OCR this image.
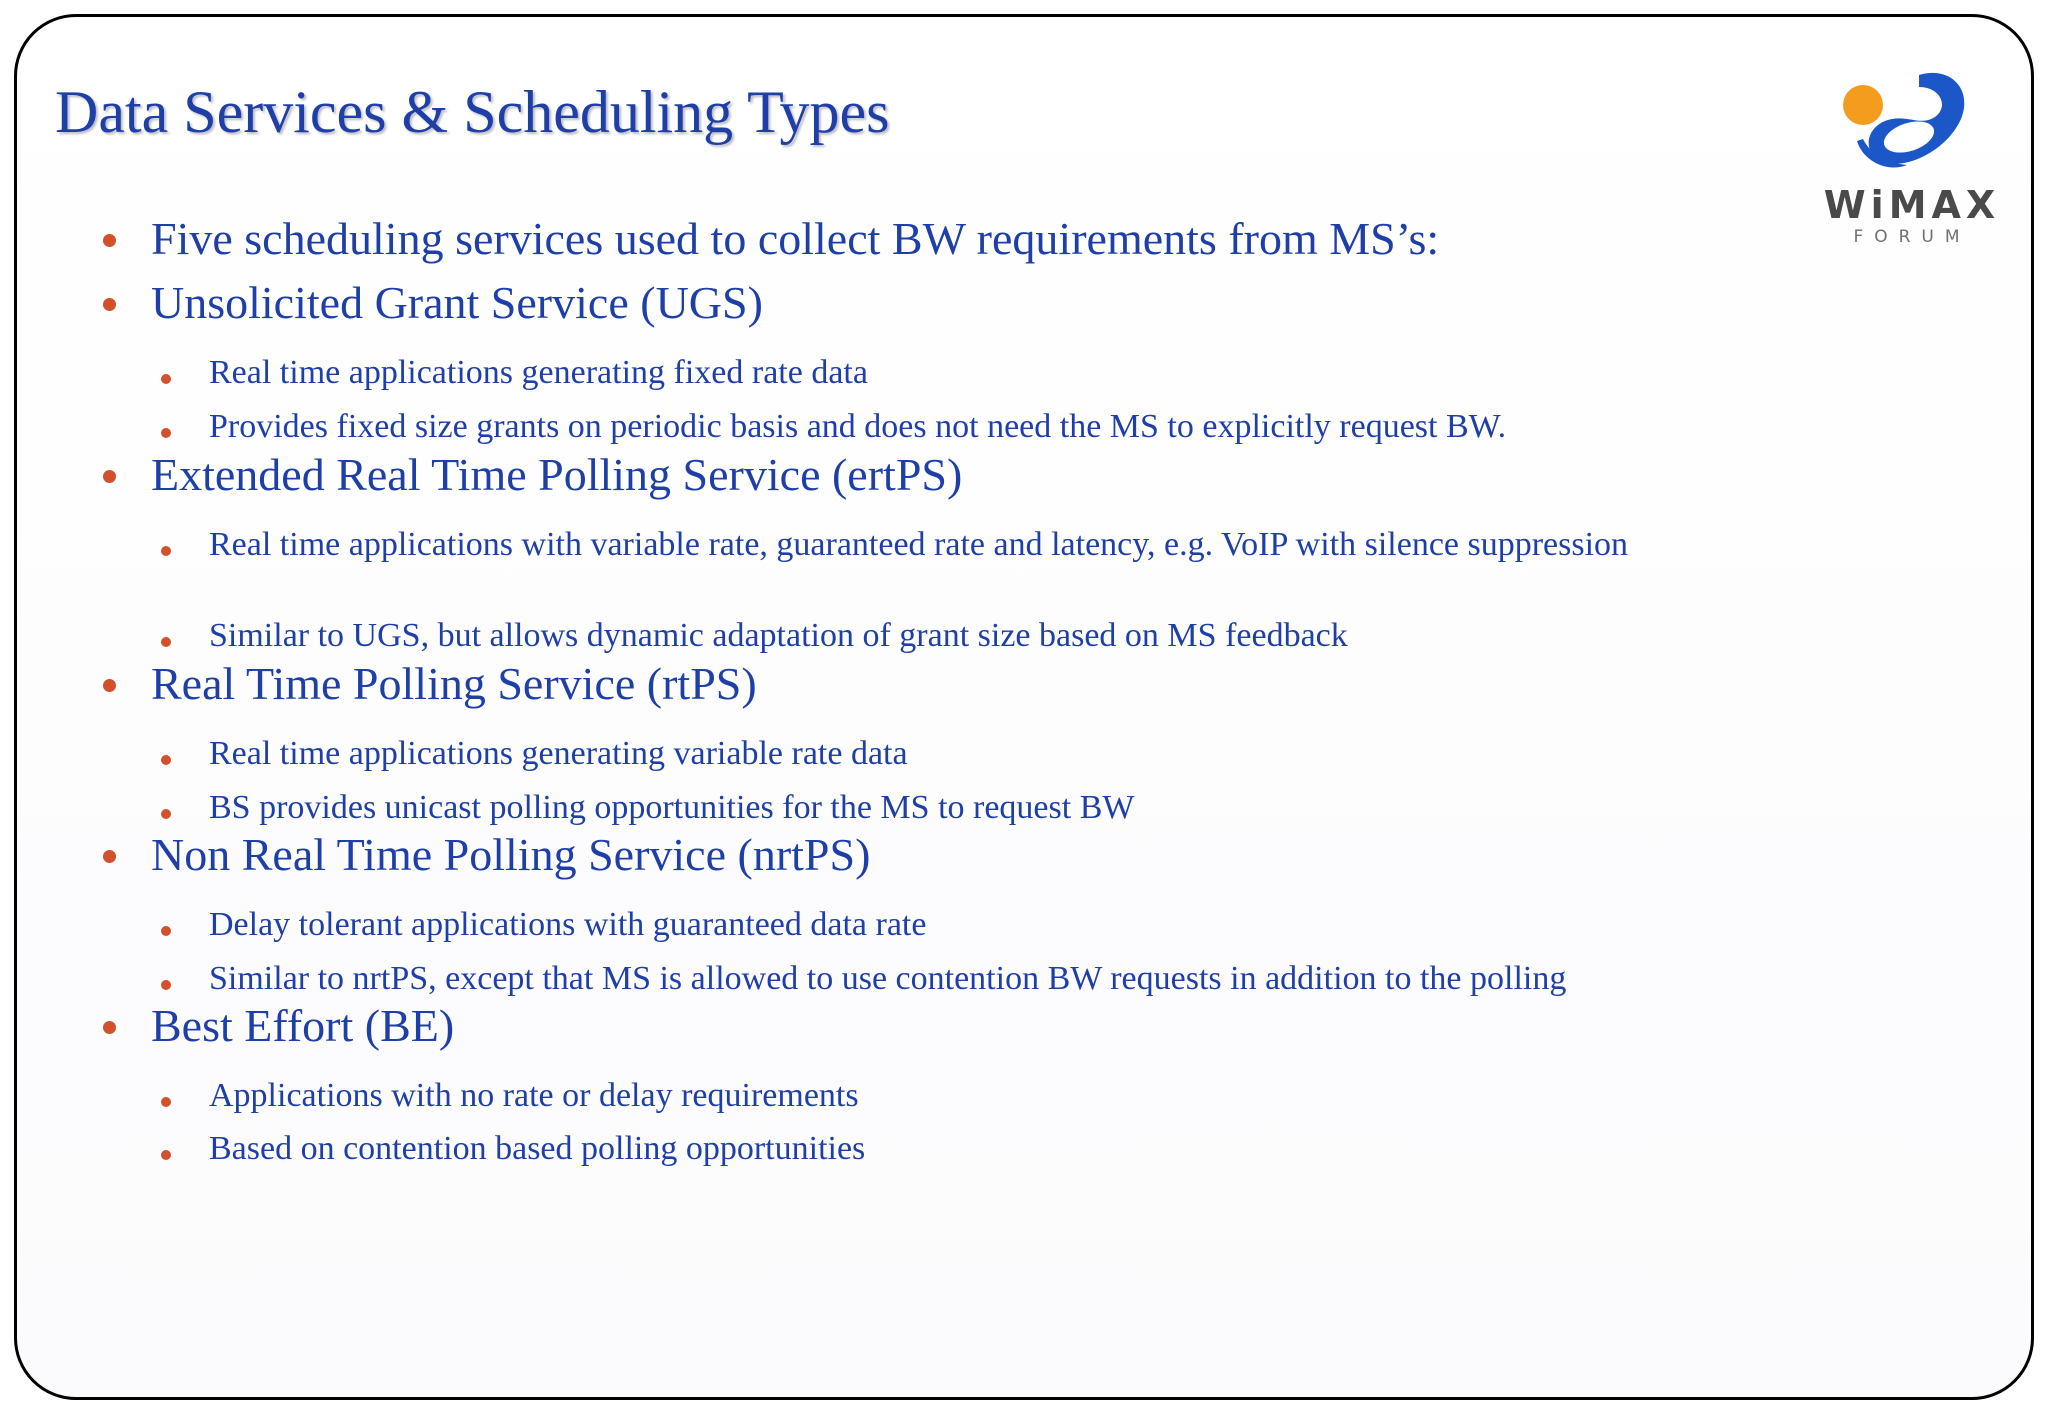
Data Services & Scheduling Types
WiMAX
FORUM
Five scheduling services used to collect BW requirements from MS’s:
Unsolicited Grant Service (UGS)
Real time applications generating fixed rate data
Provides fixed size grants on periodic basis and does not need the MS to explicitly request BW.
Extended Real Time Polling Service (ertPS)
Real time applications with variable rate, guaranteed rate and latency, e.g. VoIP with silence suppression
Similar to UGS, but allows dynamic adaptation of grant size based on MS feedback
Real Time Polling Service (rtPS)
Real time applications generating variable rate data
BS provides unicast polling opportunities for the MS to request BW
Non Real Time Polling Service (nrtPS)
Delay tolerant applications with guaranteed data rate
Similar to nrtPS, except that MS is allowed to use contention BW requests in addition to the polling
Best Effort (BE)
Applications with no rate or delay requirements
Based on contention based polling opportunities
